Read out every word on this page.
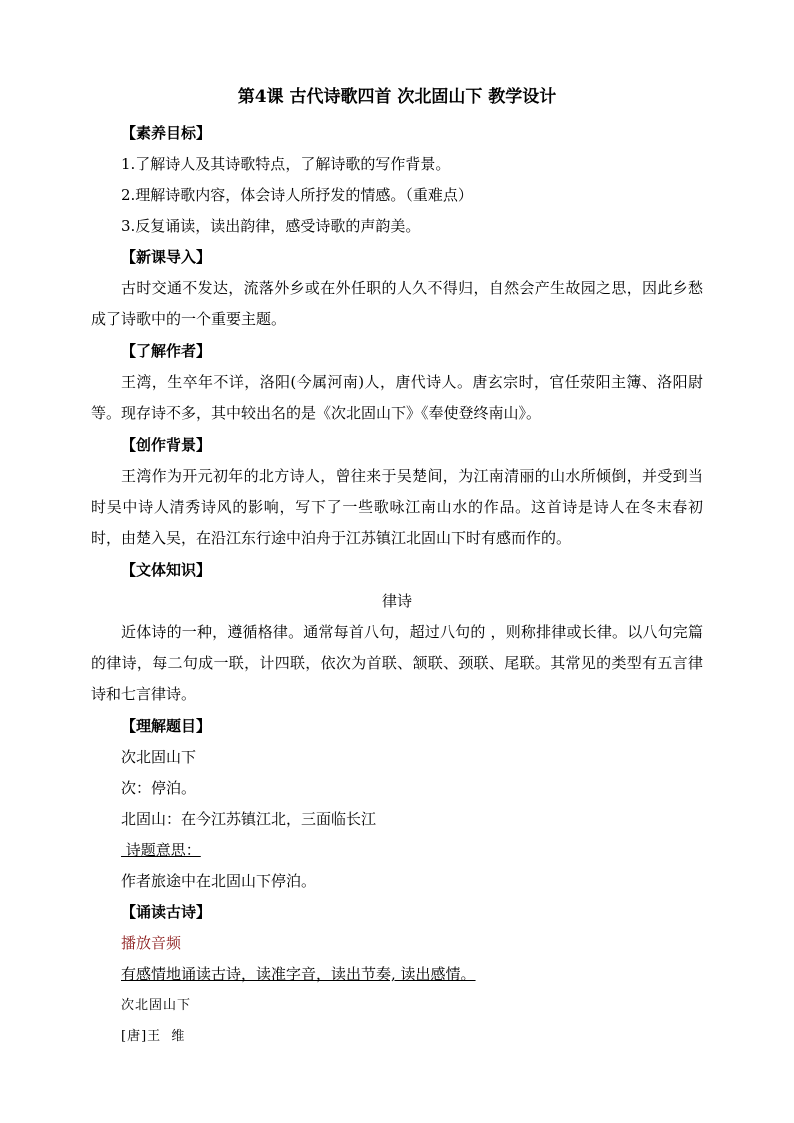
第4课 古代诗歌四首 次北固山下 教学设计
【素养目标】
1.了解诗人及其诗歌特点，了解诗歌的写作背景。
2.理解诗歌内容，体会诗人所抒发的情感。（重难点）
3.反复诵读，读出韵律，感受诗歌的声韵美。
【新课导入】
古时交通不发达，流落外乡或在外任职的人久不得归，自然会产生故园之思，因此乡愁成了诗歌中的一个重要主题。
【了解作者】
王湾，生卒年不详，洛阳(今属河南)人，唐代诗人。唐玄宗时，官任荥阳主簿、洛阳尉等。现存诗不多，其中较出名的是《次北固山下》《奉使登终南山》。
【创作背景】
王湾作为开元初年的北方诗人，曾往来于吴楚间，为江南清丽的山水所倾倒，并受到当时吴中诗人清秀诗风的影响，写下了一些歌咏江南山水的作品。这首诗是诗人在冬末春初时，由楚入吴，在沿江东行途中泊舟于江苏镇江北固山下时有感而作的。
【文体知识】
律诗
近体诗的一种，遵循格律。通常每首八句，超过八句的 ，则称排律或长律。以八句完篇的律诗，每二句成一联，计四联，依次为首联、颔联、颈联、尾联。其常见的类型有五言律诗和七言律诗。
【理解题目】
次北固山下
次：停泊。
北固山：在今江苏镇江北，三面临长江
诗题意思：
作者旅途中在北固山下停泊。
【诵读古诗】
播放音频
有感情地诵读古诗，读准字音，读出节奏, 读出感情。
次北固山下
[唐]王  维
